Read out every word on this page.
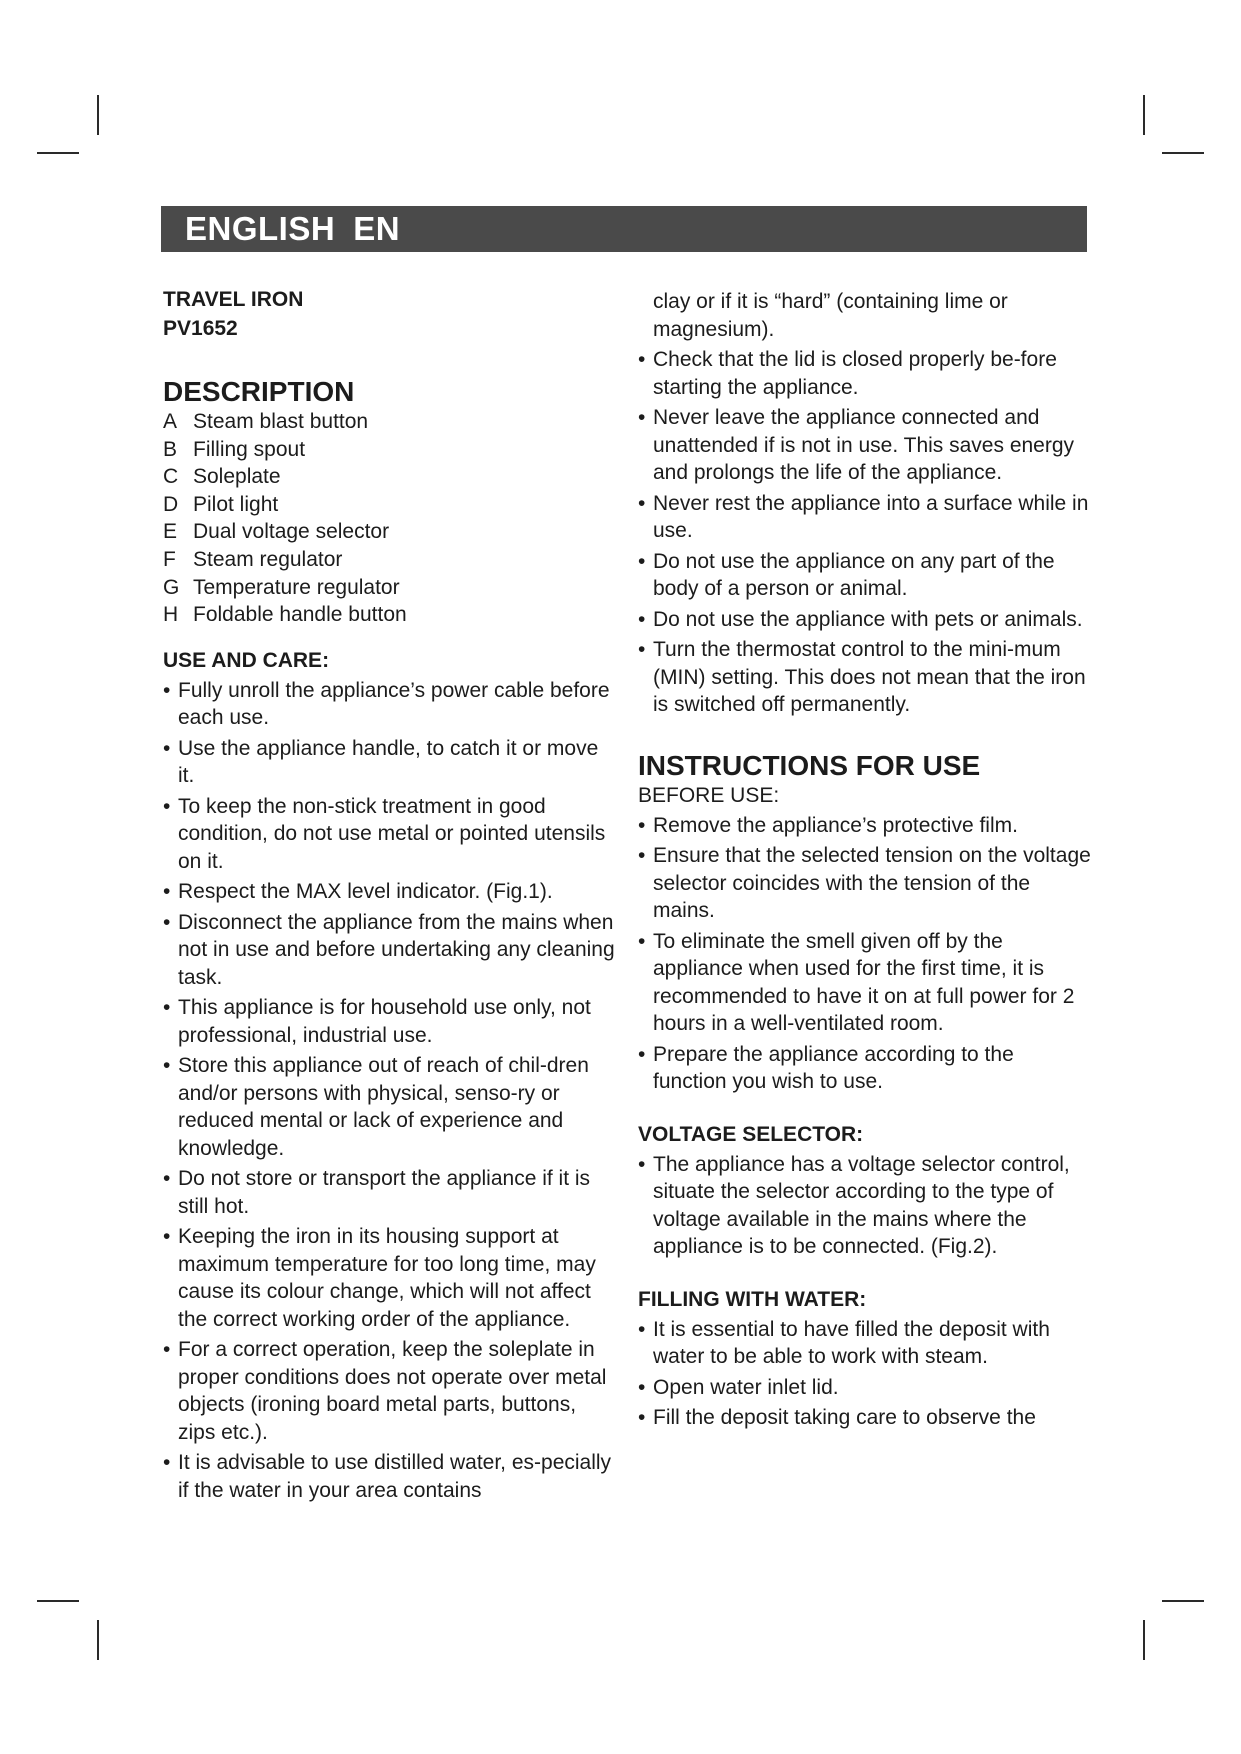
ENGLISH EN
TRAVEL IRON
PV1652
DESCRIPTION
A Steam blast button
B Filling spout
C Soleplate
D Pilot light
E Dual voltage selector
F Steam regulator
G Temperature regulator
H Foldable handle button
USE AND CARE:
• Fully unroll the appliance’s power cable before each use.
• Use the appliance handle, to catch it or move it.
• To keep the non-stick treatment in good condition, do not use metal or pointed utensils on it.
• Respect the MAX level indicator. (Fig.1).
• Disconnect the appliance from the mains when not in use and before undertaking any cleaning task.
• This appliance is for household use only, not professional, industrial use.
• Store this appliance out of reach of chil-dren and/or persons with physical, senso-ry or reduced mental or lack of experience and knowledge.
• Do not store or transport the appliance if it is still hot.
• Keeping the iron in its housing support at maximum temperature for too long time, may cause its colour change, which will not affect the correct working order of the appliance.
• For a correct operation, keep the soleplate in proper conditions does not operate over metal objects (ironing board metal parts, buttons, zips etc.).
• It is advisable to use distilled water, es-pecially if the water in your area contains
clay or if it is “hard” (containing lime or magnesium).
• Check that the lid is closed properly be-fore starting the appliance.
• Never leave the appliance connected and unattended if is not in use. This saves energy and prolongs the life of the appliance.
• Never rest the appliance into a surface while in use.
• Do not use the appliance on any part of the body of a person or animal.
• Do not use the appliance with pets or animals.
• Turn the thermostat control to the mini-mum (MIN) setting. This does not mean that the iron is switched off permanently.
INSTRUCTIONS FOR USE
BEFORE USE:
• Remove the appliance’s protective film.
• Ensure that the selected tension on the voltage selector coincides with the tension of the mains.
• To eliminate the smell given off by the appliance when used for the first time, it is recommended to have it on at full power for 2 hours in a well-ventilated room.
• Prepare the appliance according to the function you wish to use.
VOLTAGE SELECTOR:
• The appliance has a voltage selector control, situate the selector according to the type of voltage available in the mains where the appliance is to be connected. (Fig.2).
FILLING WITH WATER:
• It is essential to have filled the deposit with water to be able to work with steam.
• Open water inlet lid.
• Fill the deposit taking care to observe the
